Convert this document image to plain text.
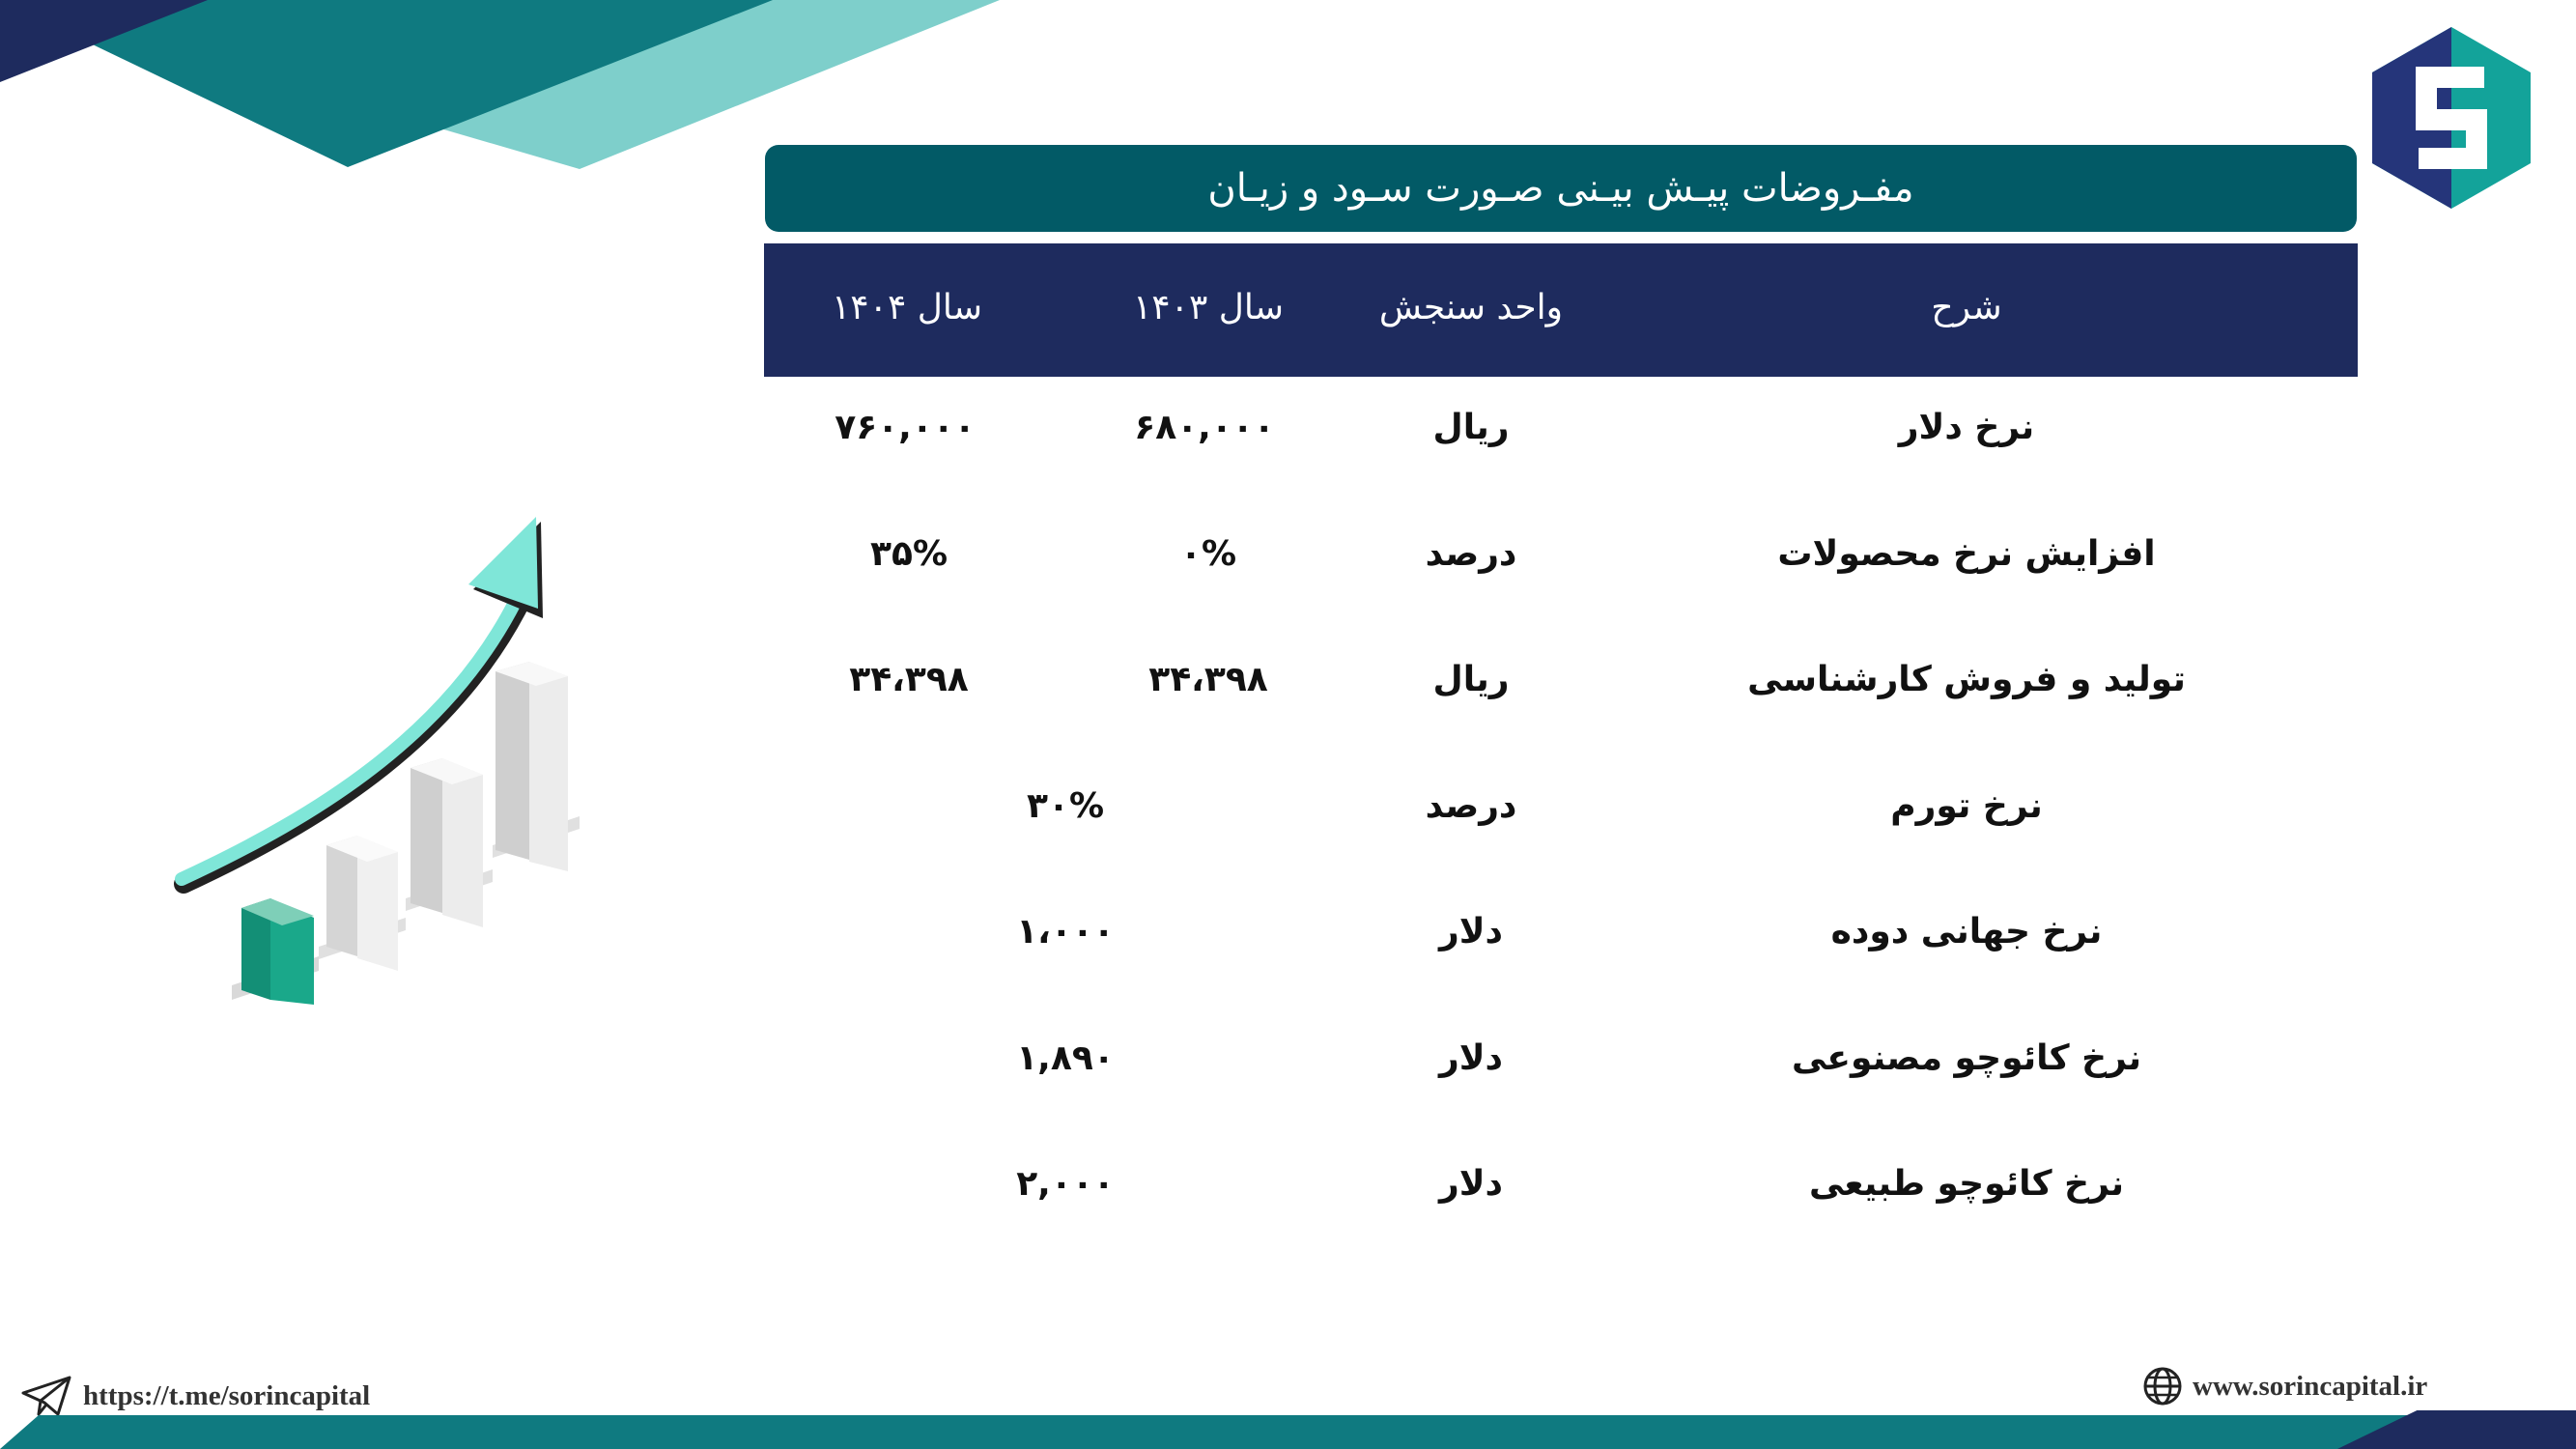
مفـروضات پیـش بیـنی صـورت سـود و زیـان
شرح
واحد سنجش
سال ۱۴۰۳
سال ۱۴۰۴
نرخ دلار
ریال
۶۸۰,۰۰۰
۷۶۰,۰۰۰
افزایش نرخ محصولات
درصد
۰%
۳۵%
تولید و فروش کارشناسی
ریال
۳۴،۳۹۸
۳۴،۳۹۸
نرخ تورم
درصد
۳۰%
نرخ جهانی دوده
دلار
۱،۰۰۰
نرخ کائوچو مصنوعی
دلار
۱,۸۹۰
نرخ کائوچو طبیعی
دلار
۲,۰۰۰
https://t.me/sorincapital	www.sorincapital.ir
